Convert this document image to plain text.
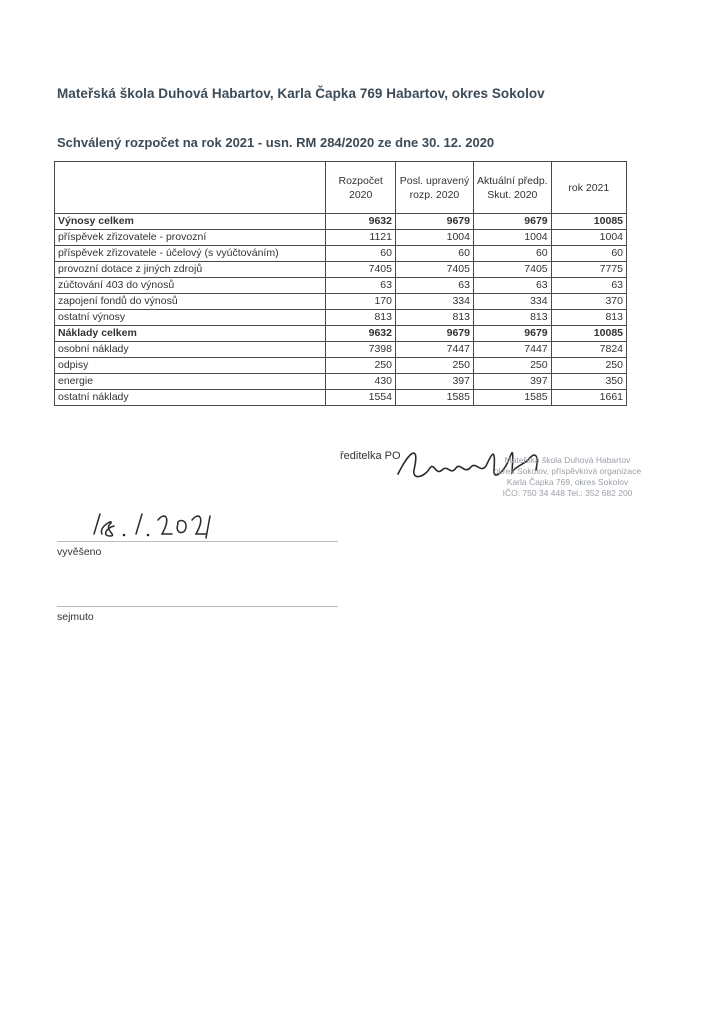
Mateřská škola Duhová Habartov, Karla Čapka 769 Habartov, okres Sokolov
Schválený rozpočet na rok 2021 - usn. RM 284/2020 ze dne 30. 12. 2020
	Rozpočet 2020	Posl. upravený rozp. 2020	Aktuální předp. Skut. 2020	rok 2021
Výnosy celkem	9632	9679	9679	10085
příspěvek zřizovatele - provozní	1121	1004	1004	1004
příspěvek zřizovatele - účelový (s vyúčtováním)	60	60	60	60
provozní dotace z jiných zdrojů	7405	7405	7405	7775
zúčtování 403 do výnosů	63	63	63	63
zapojení fondů do výnosů	170	334	334	370
ostatní výnosy	813	813	813	813
Náklady celkem	9632	9679	9679	10085
osobní náklady	7398	7447	7447	7824
odpisy	250	250	250	250
energie	430	397	397	350
ostatní náklady	1554	1585	1585	1661
ředitelka PO	Mateřská škola Duhová Habartov
okres Sokolov, příspěvková organizace
Karla Čapka 769, okres Sokolov
IČO: 750 34 448 Tel.: 352 682 200
vyvěšeno
sejmuto
